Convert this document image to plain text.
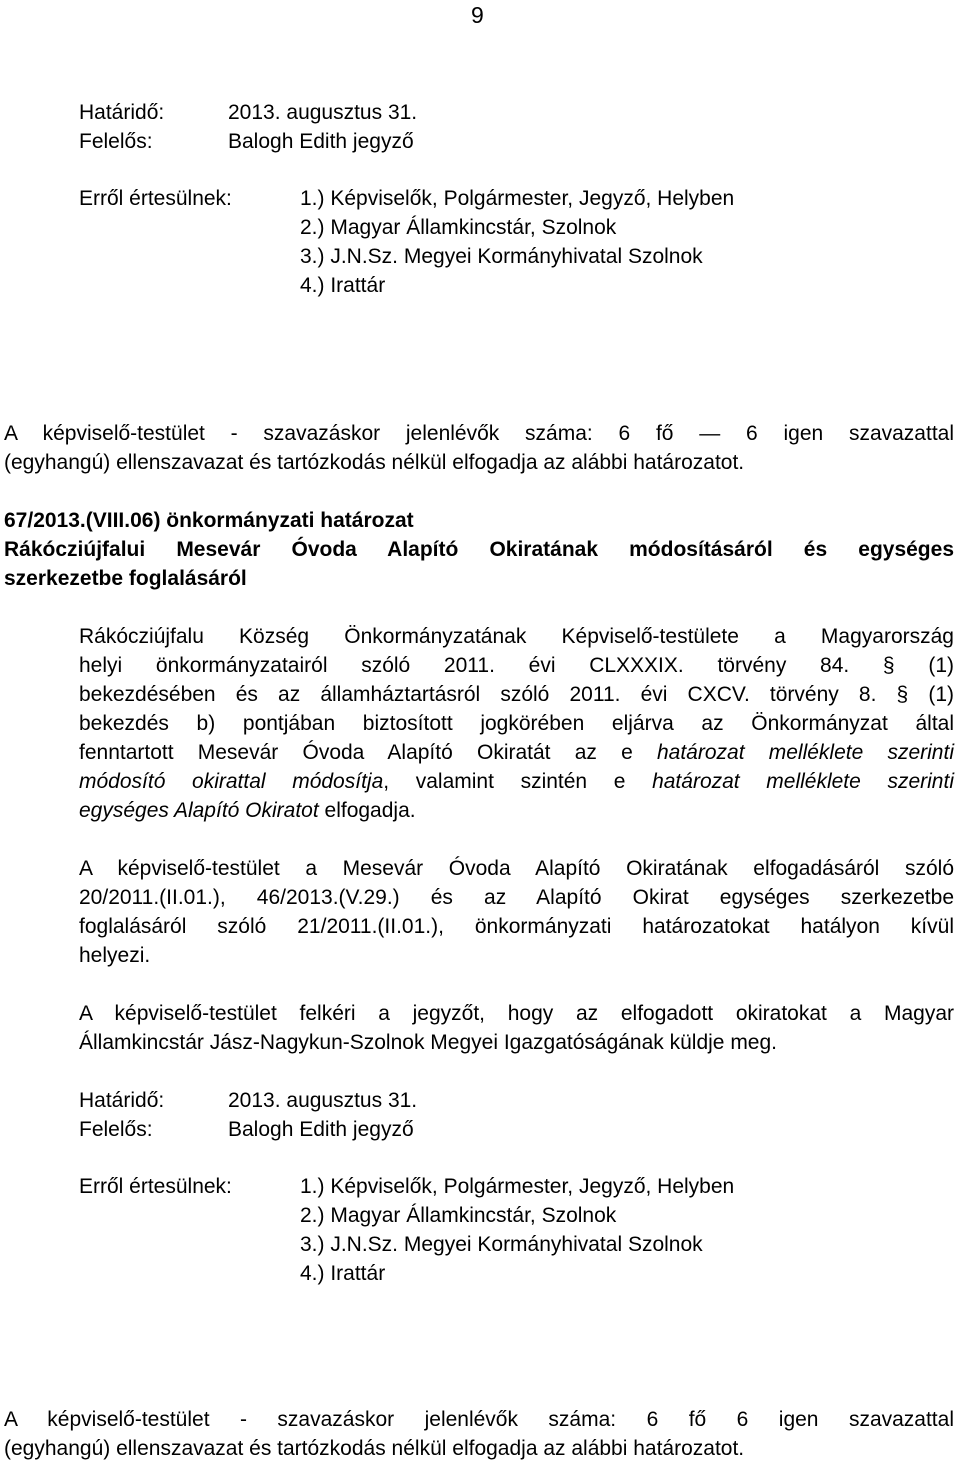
9
Határidő:	2013. augusztus 31.
Felelős:	Balogh Edith jegyző
Erről értesülnek:	1.) Képviselők, Polgármester, Jegyző, Helyben
2.) Magyar Államkincstár, Szolnok
3.) J.N.Sz. Megyei Kormányhivatal Szolnok
4.) Irattár
A képviselő-testület - szavazáskor jelenlévők száma: 6 fő — 6 igen szavazattal
(egyhangú) ellenszavazat és tartózkodás nélkül elfogadja az alábbi határozatot.
67/2013.(VIII.06) önkormányzati határozat
Rákócziújfalui Mesevár Óvoda Alapító Okiratának módosításáról és egységes
szerkezetbe foglalásáról
Rákócziújfalu Község Önkormányzatának Képviselő-testülete a Magyarország
helyi önkormányzatairól szóló 2011. évi CLXXXIX. törvény 84. § (1)
bekezdésében és az államháztartásról szóló 2011. évi CXCV. törvény 8. § (1)
bekezdés b) pontjában biztosított jogkörében eljárva az Önkormányzat által
fenntartott Mesevár Óvoda Alapító Okiratát az e határozat melléklete szerinti
módosító okirattal módosítja, valamint szintén e határozat melléklete szerinti
egységes Alapító Okiratot elfogadja.
A képviselő-testület a Mesevár Óvoda Alapító Okiratának elfogadásáról szóló
20/2011.(II.01.), 46/2013.(V.29.) és az Alapító Okirat egységes szerkezetbe
foglalásáról szóló 21/2011.(II.01.), önkormányzati határozatokat hatályon kívül
helyezi.
A képviselő-testület felkéri a jegyzőt, hogy az elfogadott okiratokat a Magyar
Államkincstár Jász-Nagykun-Szolnok Megyei Igazgatóságának küldje meg.
Határidő:	2013. augusztus 31.
Felelős:	Balogh Edith jegyző
Erről értesülnek:	1.) Képviselők, Polgármester, Jegyző, Helyben
2.) Magyar Államkincstár, Szolnok
3.) J.N.Sz. Megyei Kormányhivatal Szolnok
4.) Irattár
A képviselő-testület - szavazáskor jelenlévők száma: 6 fő 6 igen szavazattal
(egyhangú) ellenszavazat és tartózkodás nélkül elfogadja az alábbi határozatot.
